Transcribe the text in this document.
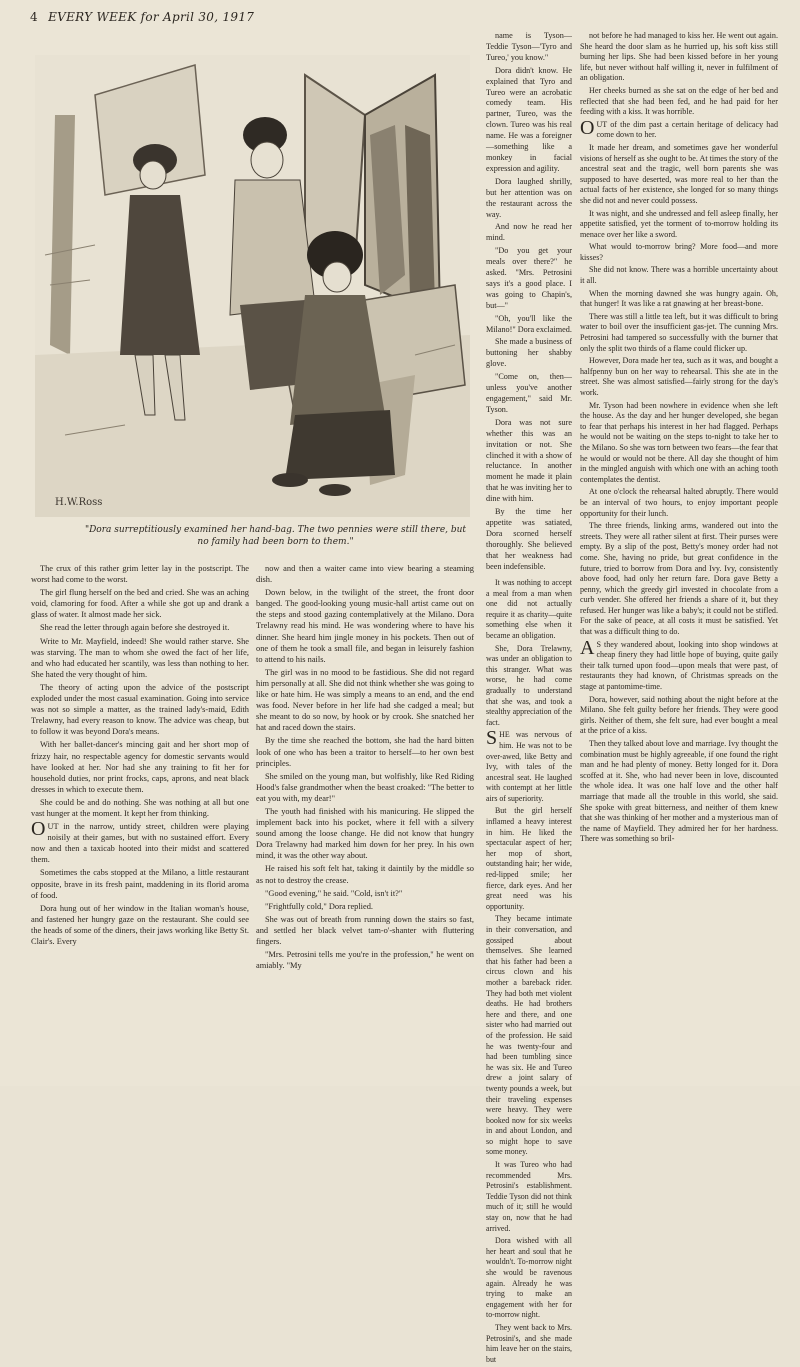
4 EVERY WEEK for April 30, 1917
H.W.Ross
"Dora surreptitiously examined her hand-bag. The two pennies were still there, but no family had been born to them."

The crux of this rather grim letter lay in the postscript. The worst had come to the worst.

The girl flung herself on the bed and cried. She was an aching void, clamoring for food. After a while she got up and drank a glass of water. It almost made her sick.

She read the letter through again before she destroyed it.

Write to Mr. Mayfield, indeed! She would rather starve. She was starving. The man to whom she owed the fact of her life, and who had educated her scantily, was less than nothing to her. She hated the very thought of him.

The theory of acting upon the advice of the postscript exploded under the most casual examination. Going into service was not so simple a matter, as the trained lady's-maid, Edith Trelawny, had every reason to know. The advice was cheap, but to follow it was beyond Dora's means.

With her ballet-dancer's mincing gait and her short mop of frizzy hair, no respectable agency for domestic servants would have looked at her. Nor had she any training to fit her for household duties, nor print frocks, caps, aprons, and neat black dresses in which to execute them.

She could be and do nothing. She was nothing at all but one vast hunger at the moment. It kept her from thinking.

OUT in the narrow, untidy street, children were playing noisily at their games, but with no sustained effort. Every now and then a taxicab hooted into their midst and scattered them.

Sometimes the cabs stopped at the Milano, a little restaurant opposite, brave in its fresh paint, maddening in its florid aroma of food.

Dora hung out of her window in the Italian woman's house, and fastened her hungry gaze on the restaurant. She could see the heads of some of the diners, their jaws working like Betty St. Clair's. Every

now and then a waiter came into view bearing a steaming dish.

Down below, in the twilight of the street, the front door banged. The good-looking young music-hall artist came out on the steps and stood gazing contemplatively at the Milano. Dora Trelawny read his mind. He was wondering where to have his dinner. She heard him jingle money in his pockets. Then out of one of them he took a small file, and began in leisurely fashion to attend to his nails.

The girl was in no mood to be fastidious. She did not regard him personally at all. She did not think whether she was going to like or hate him. He was simply a means to an end, and the end was food. Never before in her life had she cadged a meal; but she meant to do so now, by hook or by crook. She snatched her hat and raced down the stairs.

By the time she reached the bottom, she had the hard bitten look of one who has been a traitor to herself—to her own best principles.

She smiled on the young man, but wolfishly, like Red Riding Hood's false grandmother when the beast croaked: "The better to eat you with, my dear!"

The youth had finished with his manicuring. He slipped the implement back into his pocket, where it fell with a silvery sound among the loose change. He did not know that hungry Dora Trelawny had marked him down for her prey. In his own mind, it was the other way about.

He raised his soft felt hat, taking it daintily by the middle so as not to destroy the crease.

"Good evening," he said. "Cold, isn't it?"

"Frightfully cold," Dora replied.

She was out of breath from running down the stairs so fast, and settled her black velvet tam-o'-shanter with fluttering fingers.

"Mrs. Petrosini tells me you're in the profession," he went on amiably. "My

name is Tyson—Teddie Tyson—'Tyro and Tureo,' you know."

Dora didn't know. He explained that Tyro and Tureo were an acrobatic comedy team. His partner, Tureo, was the clown. Tureo was his real name. He was a foreigner—something like a monkey in facial expression and agility.

Dora laughed shrilly, but her attention was on the restaurant across the way.

And now he read her mind.

"Do you get your meals over there?" he asked. "Mrs. Petrosini says it's a good place. I was going to Chapin's, but—"

"Oh, you'll like the Milano!" Dora exclaimed.

She made a business of buttoning her shabby glove.

"Come on, then—unless you've another engagement," said Mr. Tyson.

Dora was not sure whether this was an invitation or not. She clinched it with a show of reluctance. In another moment he made it plain that he was inviting her to dine with him.

By the time her appetite was satiated, Dora scorned herself thoroughly. She believed that her weakness had been indefensible.

It was nothing to accept a meal from a man when one did not actually require it as charity—quite something else when it became an obligation.

She, Dora Trelawny, was under an obligation to this stranger. What was worse, he had come gradually to understand that she was, and took a stealthy appreciation of the fact.

SHE was nervous of him. He was not to be over-awed, like Betty and Ivy, with tales of the ancestral seat. He laughed with contempt at her little airs of superiority.

But the girl herself inflamed a heavy interest in him. He liked the spectacular aspect of her; her mop of short, outstanding hair; her wide, red-lipped smile; her fierce, dark eyes. And her great need was his opportunity.

They became intimate in their conversation, and gossiped about themselves. She learned that his father had been a circus clown and his mother a bareback rider. They had both met violent deaths. He had brothers here and there, and one sister who had married out of the profession. He said he was twenty-four and had been tumbling since he was six. He and Tureo drew a joint salary of twenty pounds a week, but their traveling expenses were heavy. They were booked now for six weeks in and about London, and so might hope to save some money.

It was Tureo who had recommended Mrs. Petrosini's establishment. Teddie Tyson did not think much of it; still he would stay on, now that he had arrived.

Dora wished with all her heart and soul that he wouldn't. To-morrow night she would be ravenous again. Already he was trying to make an engagement with her for to-morrow night.

They went back to Mrs. Petrosini's, and she made him leave her on the stairs, but

not before he had managed to kiss her. He went out again. She heard the door slam as he hurried up, his soft kiss still burning her lips. She had been kissed before in her young life, but never without half willing it, never in fulfilment of an obligation.

Her cheeks burned as she sat on the edge of her bed and reflected that she had been fed, and he had paid for her feeding with a kiss. It was horrible.

OUT of the dim past a certain heritage of delicacy had come down to her.

It made her dream, and sometimes gave her wonderful visions of herself as she ought to be. At times the story of the ancestral seat and the tragic, well born parents she was supposed to have deserted, was more real to her than the actual facts of her existence, she longed for so many things she did not and never could possess.

It was night, and she undressed and fell asleep finally, her appetite satisfied, yet the torment of to-morrow holding its menace over her like a sword.

What would to-morrow bring? More food—and more kisses?

She did not know. There was a horrible uncertainty about it all.

When the morning dawned she was hungry again. Oh, that hunger! It was like a rat gnawing at her breast-bone.

There was still a little tea left, but it was difficult to bring water to boil over the insufficient gas-jet. The cunning Mrs. Petrosini had tampered so successfully with the burner that only the split two thirds of a flame could flicker up.

However, Dora made her tea, such as it was, and bought a halfpenny bun on her way to rehearsal. This she ate in the street. She was almost satisfied—fairly strong for the day's work.

Mr. Tyson had been nowhere in evidence when she left the house. As the day and her hunger developed, she began to fear that perhaps his interest in her had flagged. Perhaps he would not be waiting on the steps to-night to take her to the Milano. So she was torn between two fears—the fear that he would or would not be there. All day she thought of him in the mingled anguish with which one with an aching tooth contemplates the dentist.

At one o'clock the rehearsal halted abruptly. There would be an interval of two hours, to enjoy important people opportunity for their lunch.

The three friends, linking arms, wandered out into the streets. They were all rather silent at first. Their purses were empty. By a slip of the post, Betty's money order had not come. She, having no pride, but great confidence in the future, tried to borrow from Dora and Ivy. Ivy, consistently above food, had only her return fare. Dora gave Betty a penny, which the greedy girl invested in chocolate from a curb vender. She offered her friends a share of it, but they refused. Her hunger was like a baby's; it could not be stifled. For the sake of peace, at all costs it must be satisfied. Yet that was a difficult thing to do.

AS they wandered about, looking into shop windows at cheap finery they had little hope of buying, quite gaily their talk turned upon food—upon meals that were past, of restaurants they had known, of Christmas spreads on the stage at pantomime-time.

Dora, however, said nothing about the night before at the Milano. She felt guilty before her friends. They were good girls. Neither of them, she felt sure, had ever bought a meal at the price of a kiss.

Then they talked about love and marriage. Ivy thought the combination must be highly agreeable, if one found the right man and he had plenty of money. Betty longed for it. Dora scoffed at it. She, who had never been in love, discounted the whole idea. It was one half love and the other half marriage that made all the trouble in this world, she said. She spoke with great bitterness, and neither of them knew that she was thinking of her mother and a mysterious man of the name of Mayfield. They admired her for her hardness. There was something so bril-
